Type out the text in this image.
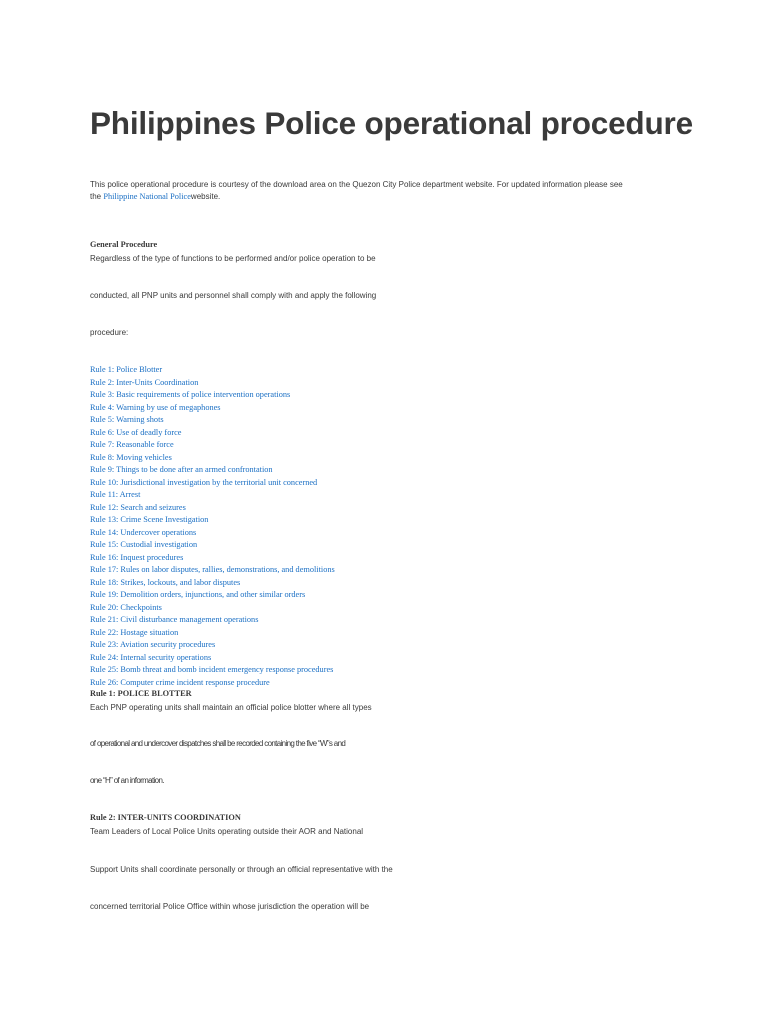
Philippines Police operational procedure
This police operational procedure is courtesy of the download area on the Quezon City Police department website. For updated information please see
the Philippine National Policewebsite.
General Procedure
Regardless of the type of functions to be performed and/or police operation to be
conducted, all PNP units and personnel shall comply with and apply the following
procedure:
Rule 1: Police Blotter
Rule 2: Inter-Units Coordination
Rule 3: Basic requirements of police intervention operations
Rule 4: Warning by use of megaphones
Rule 5: Warning shots
Rule 6: Use of deadly force
Rule 7: Reasonable force
Rule 8: Moving vehicles
Rule 9: Things to be done after an armed confrontation
Rule 10: Jurisdictional investigation by the territorial unit concerned
Rule 11: Arrest
Rule 12: Search and seizures
Rule 13: Crime Scene Investigation
Rule 14: Undercover operations
Rule 15: Custodial investigation
Rule 16: Inquest procedures
Rule 17: Rules on labor disputes, rallies, demonstrations, and demolitions
Rule 18: Strikes, lockouts, and labor disputes
Rule 19: Demolition orders, injunctions, and other similar orders
Rule 20: Checkpoints
Rule 21: Civil disturbance management operations
Rule 22: Hostage situation
Rule 23: Aviation security procedures
Rule 24: Internal security operations
Rule 25: Bomb threat and bomb incident emergency response procedures
Rule 26: Computer crime incident response procedure
Rule 1: POLICE BLOTTER
Each PNP operating units shall maintain an official police blotter where all types
of operational and undercover dispatches shall be recorded containing the five “W”s and
one “H” of an information.
Rule 2: INTER-UNITS COORDINATION
Team Leaders of Local Police Units operating outside their AOR and National
Support Units shall coordinate personally or through an official representative with the
concerned territorial Police Office within whose jurisdiction the operation will be
